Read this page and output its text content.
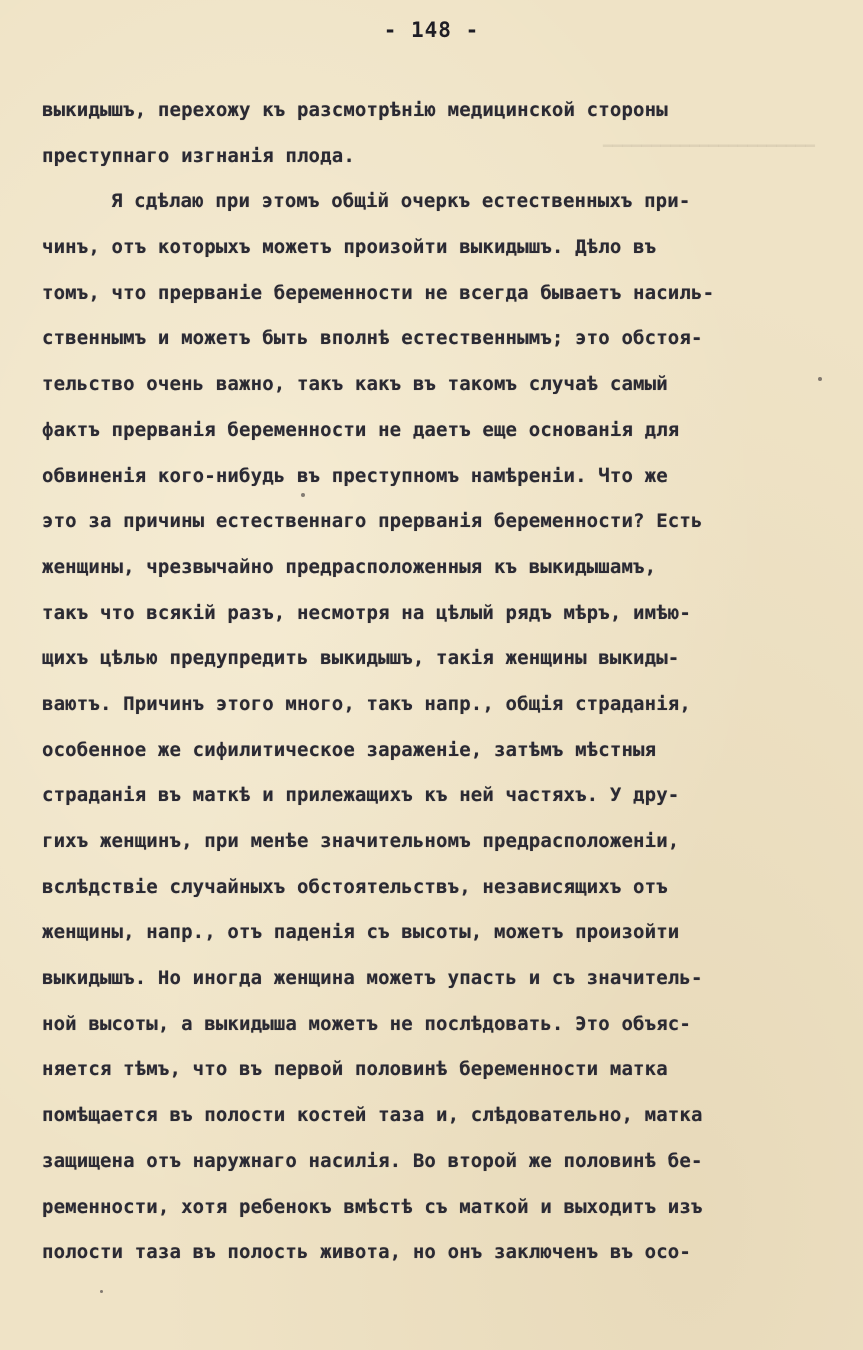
- 148 -
▁▁▁▁▁▁▁▁▁▁▁▁▁▁▁▁▁▁▁▁▁▁
выкидышъ, перехожу къ разсмотрѣнію медицинской стороны
преступнаго изгнанія плода.
Я сдѣлаю при этомъ общій очеркъ естественныхъ при-
чинъ, отъ которыхъ можетъ произойти выкидышъ. Дѣло въ
томъ, что прерваніе беременности не всегда бываетъ насиль-
ственнымъ и можетъ быть вполнѣ естественнымъ; это обстоя-
тельство очень важно, такъ какъ въ такомъ случаѣ самый
фактъ прерванія беременности не даетъ еще основанія для
обвиненія кого-нибудь въ преступномъ намѣреніи. Что же
это за причины естественнаго прерванія беременности? Есть
женщины, чрезвычайно предрасположенныя къ выкидышамъ,
такъ что всякій разъ, несмотря на цѣлый рядъ мѣръ, имѣю-
щихъ цѣлью предупредить выкидышъ, такія женщины выкиды-
ваютъ. Причинъ этого много, такъ напр., общія страданія,
особенное же сифилитическое зараженіе, затѣмъ мѣстныя
страданія въ маткѣ и прилежащихъ къ ней частяхъ. У дру-
гихъ женщинъ, при менѣе значительномъ предрасположеніи,
вслѣдствіе случайныхъ обстоятельствъ, независящихъ отъ
женщины, напр., отъ паденія съ высоты, можетъ произойти
выкидышъ. Но иногда женщина можетъ упасть и съ значитель-
ной высоты, а выкидыша можетъ не послѣдовать. Это объяс-
няется тѣмъ, что въ первой половинѣ беременности матка
помѣщается въ полости костей таза и, слѣдовательно, матка
защищена отъ наружнаго насилія. Во второй же половинѣ бе-
ременности, хотя ребенокъ вмѣстѣ съ маткой и выходитъ изъ
полости таза въ полость живота, но онъ заключенъ въ осо-
